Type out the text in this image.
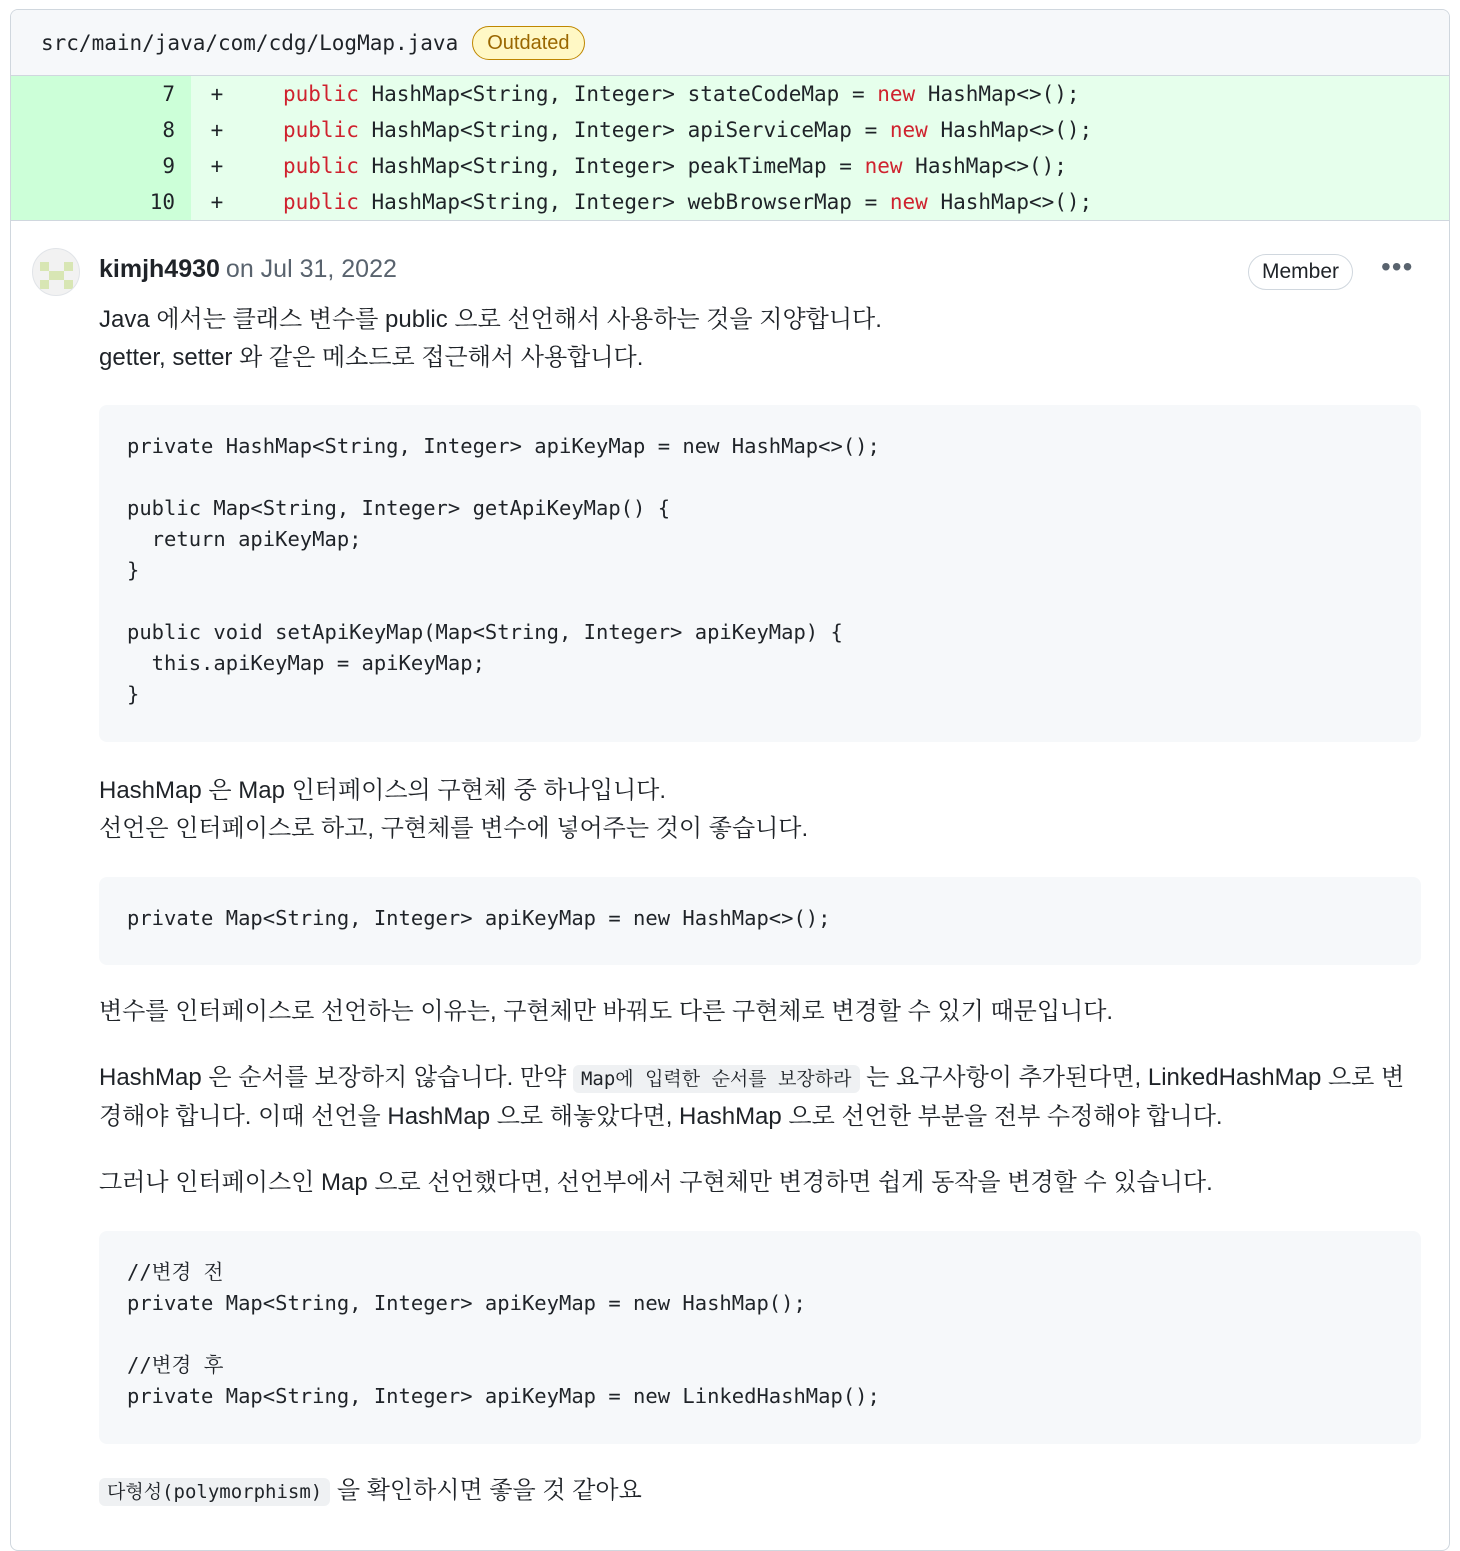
src/main/java/com/cdg/LogMap.java	Outdated
7	+	public HashMap<String, Integer> stateCodeMap = new HashMap<>();
8	+	public HashMap<String, Integer> apiServiceMap = new HashMap<>();
9	+	public HashMap<String, Integer> peakTimeMap = new HashMap<>();
10	+	public HashMap<String, Integer> webBrowserMap = new HashMap<>();
kimjh4930 on Jul 31, 2022	Member	•••

Java 에서는 클래스 변수를 public 으로 선언해서 사용하는 것을 지양합니다.
getter, setter 와 같은 메소드로 접근해서 사용합니다.

private HashMap<String, Integer> apiKeyMap = new HashMap<>();

public Map<String, Integer> getApiKeyMap() {
return apiKeyMap;
}

public void setApiKeyMap(Map<String, Integer> apiKeyMap) {
this.apiKeyMap = apiKeyMap;
}

HashMap 은 Map 인터페이스의 구현체 중 하나입니다.
선언은 인터페이스로 하고, 구현체를 변수에 넣어주는 것이 좋습니다.

private Map<String, Integer> apiKeyMap = new HashMap<>();

변수를 인터페이스로 선언하는 이유는, 구현체만 바꿔도 다른 구현체로 변경할 수 있기 때문입니다.

HashMap 은 순서를 보장하지 않습니다. 만약 Map에 입력한 순서를 보장하라 는 요구사항이 추가된다면, LinkedHashMap 으로 변경해야 합니다. 이때 선언을 HashMap 으로 해놓았다면, HashMap 으로 선언한 부분을 전부 수정해야 합니다.

그러나 인터페이스인 Map 으로 선언했다면, 선언부에서 구현체만 변경하면 쉽게 동작을 변경할 수 있습니다.

//변경 전
private Map<String, Integer> apiKeyMap = new HashMap();

//변경 후
private Map<String, Integer> apiKeyMap = new LinkedHashMap();

다형성(polymorphism) 을 확인하시면 좋을 것 같아요
